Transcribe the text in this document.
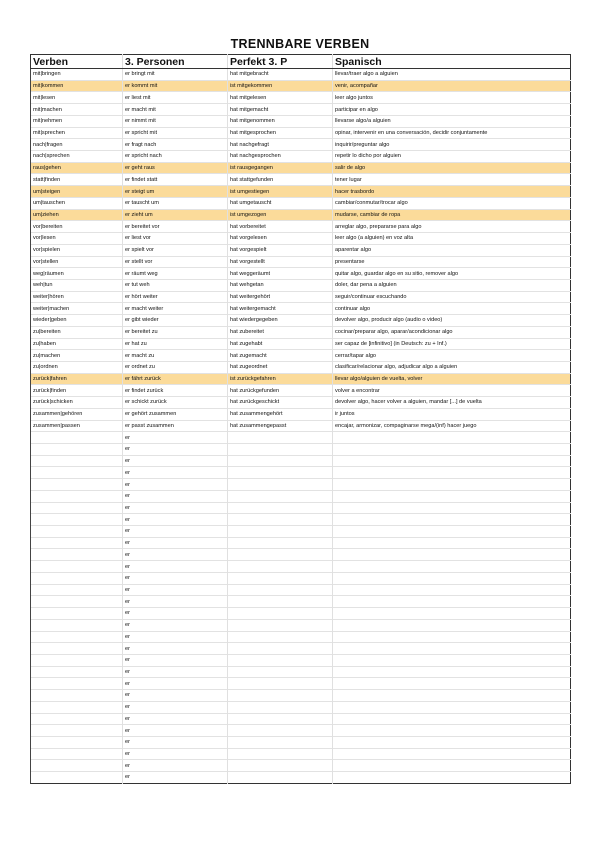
TRENNBARE VERBEN
Verben	3. Personen	Perfekt 3. P	Spanisch
mit|bringen	er bringt mit	hat mitgebracht	llevar/traer algo a alguien
mit|kommen	er kommt mit	ist mitgekommen	venir, acompañar
mit|lesen	er liest mit	hat mitgelesen	leer algo juntos
mit|machen	er macht mit	hat mitgemacht	participar en algo
mit|nehmen	er nimmt mit	hat mitgenommen	llevarse algo/a alguien
mit|sprechen	er spricht mit	hat mitgesprochen	opinar, intervenir en una conversación, decidir conjuntamente
nach|fragen	er fragt nach	hat nachgefragt	inquirir/preguntar algo
nach|sprechen	er spricht nach	hat nachgesprochen	repetir lo dicho por alguien
raus|gehen	er geht raus	ist rausgegangen	salir de algo
statt|finden	er findet statt	hat stattgefunden	tener lugar
um|steigen	er steigt um	ist umgestiegen	hacer trasbordo
um|tauschen	er tauscht um	hat umgetauscht	cambiar/conmutar/trocar algo
um|ziehen	er zieht um	ist umgezogen	mudarse, cambiar de ropa
vor|bereiten	er bereitet vor	hat vorbereitet	arreglar algo, prepararse para algo
vor|lesen	er liest vor	hat vorgelesen	leer algo (a alguien) en voz alta
vor|spielen	er spielt vor	hat vorgespielt	aparentar algo
vor|stellen	er stellt vor	hat vorgestellt	presentarse
weg|räumen	er räumt weg	hat weggeräumt	quitar algo, guardar algo en su sitio, remover algo
weh|tun	er tut weh	hat wehgetan	doler, dar pena a alguien
weiter|hören	er hört weiter	hat weitergehört	seguir/continuar escuchando
weiter|machen	er macht weiter	hat weitergemacht	continuar algo
wieder|geben	er gibt wieder	hat wiedergegeben	devolver algo, producir algo (audio o video)
zu|bereiten	er bereitet zu	hat zubereitet	cocinar/preparar algo, aparar/acondicionar algo
zu|haben	er hat zu	hat zugehabt	ser capaz de [infinitivo] (in Deutsch: zu + Inf.)
zu|machen	er macht zu	hat zugemacht	cerrar/tapar algo
zu|ordnen	er ordnet zu	hat zugeordnet	clasificar/relacionar algo, adjudicar algo a alguien
zurück|fahren	er fährt zurück	ist zurückgefahren	llevar algo/alguien de vuelta, volver
zurück|finden	er findet zurück	hat zurückgefunden	volver a encontrar
zurück|schicken	er schickt zurück	hat zurückgeschickt	devolver algo, hacer volver a alguien, mandar [...] de vuelta
zusammen|gehören	er gehört zusammen	hat zusammengehört	ir juntos
zusammen|passen	er passt zusammen	hat zusammengepasst	encajar, armonizar, compaginarse mega/(inf) hacer juego
	er		
	er		
	er		
	er		
	er		
	er		
	er		
	er		
	er		
	er		
	er		
	er		
	er		
	er		
	er		
	er		
	er		
	er		
	er		
	er		
	er		
	er		
	er		
	er		
	er		
	er		
	er		
	er		
	er		
	er		
